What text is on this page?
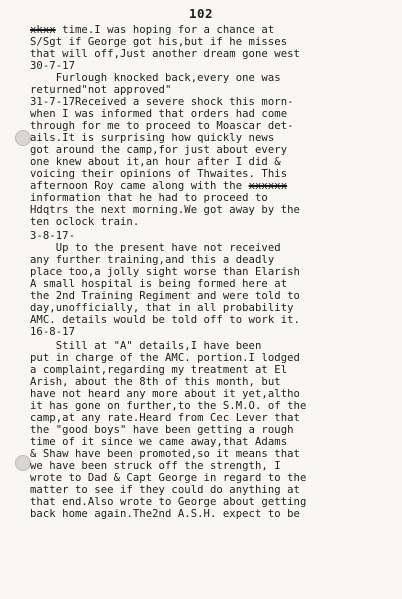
102
xkxx time.I was hoping for a chance at
S/Sgt if George got his,but if he misses
that will off,Just another dream gone west
30-7-17
Furlough knocked back,every one was
returned"not approved"
31-7-17Received a severe shock this morn-
when I was informed that orders had come
through for me to proceed to Moascar det-
ails.It is surprising how quickly news
got around the camp,for just about every
one knew about it,an hour after I did &
voicing their opinions of Thwaites. This
afternoon Roy came along with the xxxxxx
information that he had to proceed to
Hdqtrs the next morning.We got away by the
ten oclock train.
3-8-17-
Up to the present have not received
any further training,and this a deadly
place too,a jolly sight worse than Elarish
A small hospital is being formed here at
the 2nd Training Regiment and were told to
day,unofficially, that in all probability
AMC. details would be told off to work it.
16-8-17
Still at "A" details,I have been
put in charge of the AMC. portion.I lodged
a complaint,regarding my treatment at El
Arish, about the 8th of this month, but
have not heard any more about it yet,altho
it has gone on further,to the S.M.O. of the
camp,at any rate.Heard from Cec Lever that
the "good boys" have been getting a rough
time of it since we came away,that Adams
& Shaw have been promoted,so it means that
we have been struck off the strength, I
wrote to Dad & Capt George in regard to the
matter to see if they could do anything at
that end.Also wrote to George about getting
back home again.The2nd A.S.H. expect to be
